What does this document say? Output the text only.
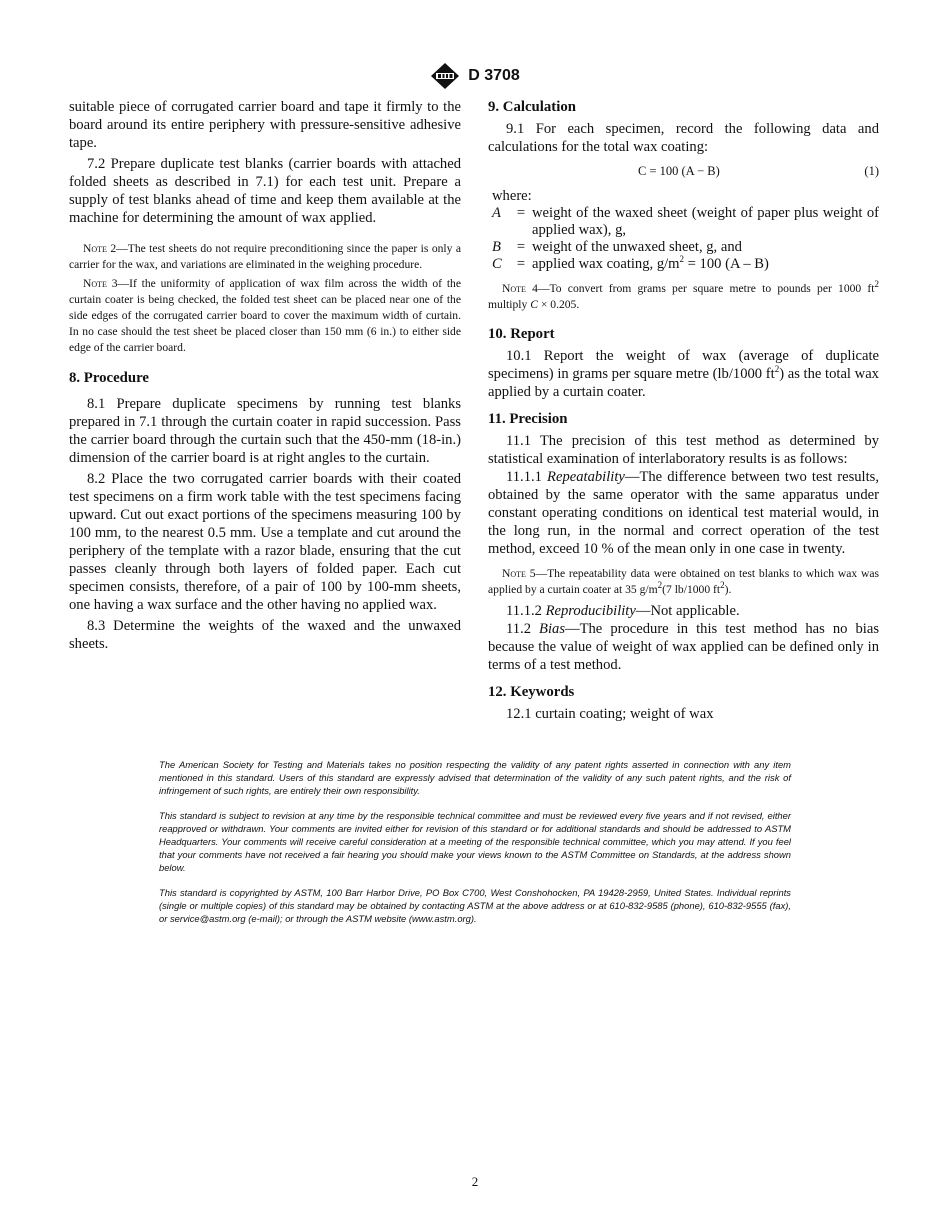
D 3708
suitable piece of corrugated carrier board and tape it firmly to the board around its entire periphery with pressure-sensitive adhesive tape.
7.2 Prepare duplicate test blanks (carrier boards with attached folded sheets as described in 7.1) for each test unit. Prepare a supply of test blanks ahead of time and keep them available at the machine for determining the amount of wax applied.
Note 2—The test sheets do not require preconditioning since the paper is only a carrier for the wax, and variations are eliminated in the weighing procedure.
Note 3—If the uniformity of application of wax film across the width of the curtain coater is being checked, the folded test sheet can be placed near one of the side edges of the corrugated carrier board to cover the maximum width of curtain. In no case should the test sheet be placed closer than 150 mm (6 in.) to either side edge of the carrier board.
8. Procedure
8.1 Prepare duplicate specimens by running test blanks prepared in 7.1 through the curtain coater in rapid succession. Pass the carrier board through the curtain such that the 450-mm (18-in.) dimension of the carrier board is at right angles to the curtain.
8.2 Place the two corrugated carrier boards with their coated test specimens on a firm work table with the test specimens facing upward. Cut out exact portions of the specimens measuring 100 by 100 mm, to the nearest 0.5 mm. Use a template and cut around the periphery of the template with a razor blade, ensuring that the cut passes cleanly through both layers of folded paper. Each cut specimen consists, therefore, of a pair of 100 by 100-mm sheets, one having a wax surface and the other having no applied wax.
8.3 Determine the weights of the waxed and the unwaxed sheets.
9. Calculation
9.1 For each specimen, record the following data and calculations for the total wax coating:
C = 100 (A − B)	(1)
where:
A	=	weight of the waxed sheet (weight of paper plus weight of applied wax), g,
B	=	weight of the unwaxed sheet, g, and
C	=	applied wax coating, $g/m^2 = 100$ (A – B)
Note 4—To convert from grams per square metre to pounds per 1000 $ft^2$ multiply C × 0.205.
10. Report
10.1 Report the weight of wax (average of duplicate specimens) in grams per square metre (lb/1000 $ft^2$) as the total wax applied by a curtain coater.
11. Precision
11.1 The precision of this test method as determined by statistical examination of interlaboratory results is as follows:
11.1.1 Repeatability—The difference between two test results, obtained by the same operator with the same apparatus under constant operating conditions on identical test material would, in the long run, in the normal and correct operation of the test method, exceed 10 % of the mean only in one case in twenty.
Note 5—The repeatability data were obtained on test blanks to which wax was applied by a curtain coater at 35 $g/m^2(7$ lb/1000 $ft^2$).
11.1.2 Reproducibility—Not applicable.
11.2 Bias—The procedure in this test method has no bias because the value of weight of wax applied can be defined only in terms of a test method.
12. Keywords
12.1 curtain coating; weight of wax
The American Society for Testing and Materials takes no position respecting the validity of any patent rights asserted in connection with any item mentioned in this standard. Users of this standard are expressly advised that determination of the validity of any such patent rights, and the risk of infringement of such rights, are entirely their own responsibility.
This standard is subject to revision at any time by the responsible technical committee and must be reviewed every five years and if not revised, either reapproved or withdrawn. Your comments are invited either for revision of this standard or for additional standards and should be addressed to ASTM Headquarters. Your comments will receive careful consideration at a meeting of the responsible technical committee, which you may attend. If you feel that your comments have not received a fair hearing you should make your views known to the ASTM Committee on Standards, at the address shown below.
This standard is copyrighted by ASTM, 100 Barr Harbor Drive, PO Box C700, West Conshohocken, PA 19428-2959, United States. Individual reprints (single or multiple copies) of this standard may be obtained by contacting ASTM at the above address or at 610-832-9585 (phone), 610-832-9555 (fax), or service@astm.org (e-mail); or through the ASTM website (www.astm.org).
2
